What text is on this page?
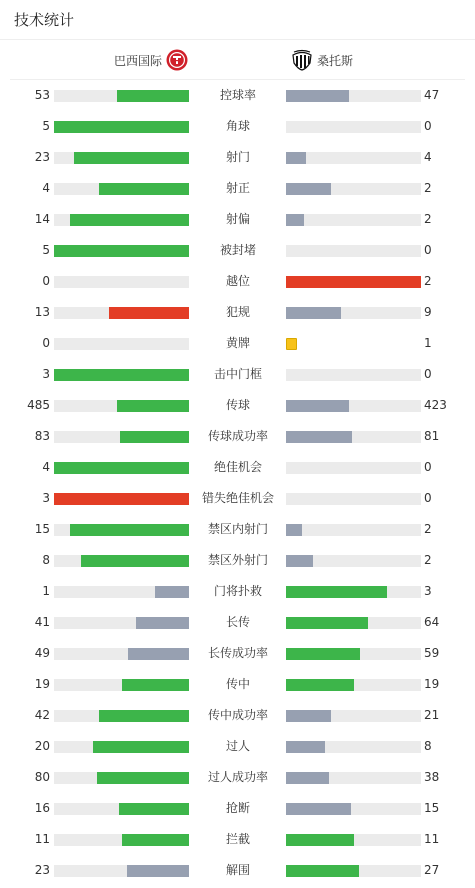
技术统计
巴西国际	桑托斯
53	控球率	47
5	角球	0
23	射门	4
4	射正	2
14	射偏	2
5	被封堵	0
0	越位	2
13	犯规	9
0	黄牌	1
3	击中门框	0
485	传球	423
83	传球成功率	81
4	绝佳机会	0
3	错失绝佳机会	0
15	禁区内射门	2
8	禁区外射门	2
1	门将扑救	3
41	长传	64
49	长传成功率	59
19	传中	19
42	传中成功率	21
20	过人	8
80	过人成功率	38
16	抢断	15
11	拦截	11
23	解围	27
